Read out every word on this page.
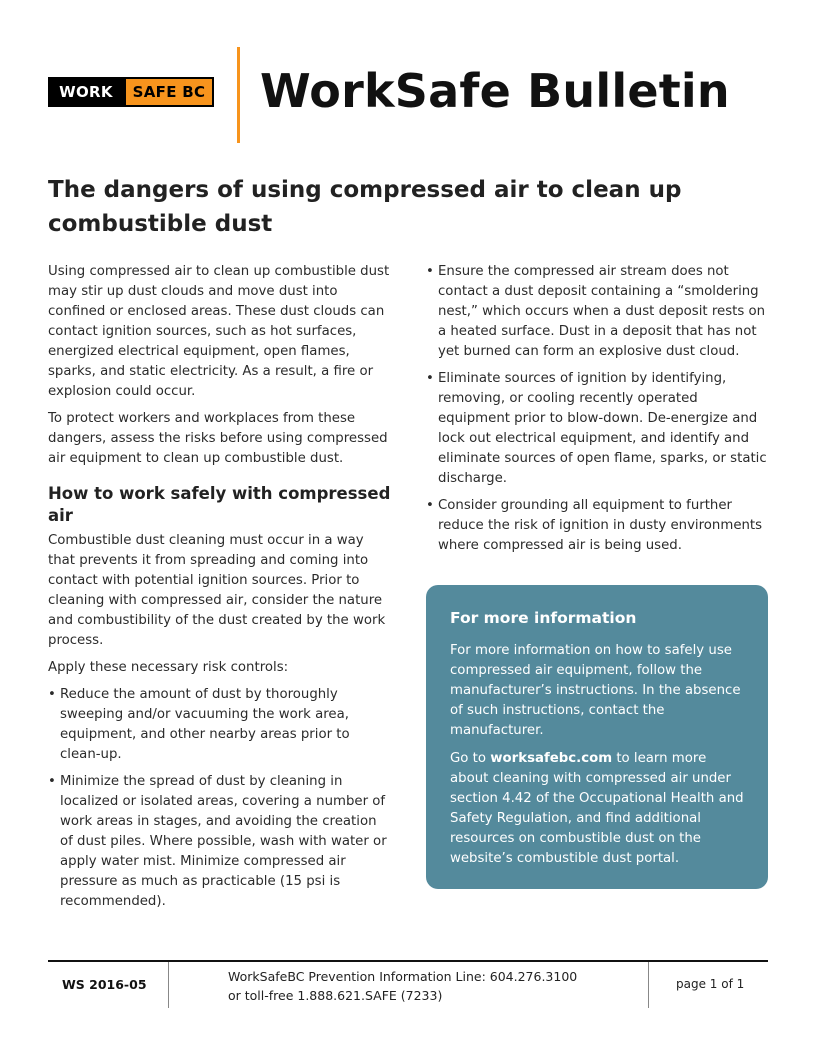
WORK	SAFE BC WorkSafe Bulletin
The dangers of using compressed air to clean up combustible dust

Using compressed air to clean up combustible dust may stir up dust clouds and move dust into confined or enclosed areas. These dust clouds can contact ignition sources, such as hot surfaces, energized electrical equipment, open flames, sparks, and static electricity. As a result, a fire or explosion could occur.

To protect workers and workplaces from these dangers, assess the risks before using compressed air equipment to clean up combustible dust.

How to work safely with compressed air

Combustible dust cleaning must occur in a way that prevents it from spreading and coming into contact with potential ignition sources. Prior to cleaning with compressed air, consider the nature and combustibility of the dust created by the work process.

Apply these necessary risk controls:

• Reduce the amount of dust by thoroughly sweeping and/or vacuuming the work area, equipment, and other nearby areas prior to clean-up.
• Minimize the spread of dust by cleaning in localized or isolated areas, covering a number of work areas in stages, and avoiding the creation of dust piles. Where possible, wash with water or apply water mist. Minimize compressed air pressure as much as practicable (15 psi is recommended).
• Ensure the compressed air stream does not contact a dust deposit containing a “smoldering nest,” which occurs when a dust deposit rests on a heated surface. Dust in a deposit that has not yet burned can form an explosive dust cloud.
• Eliminate sources of ignition by identifying, removing, or cooling recently operated equipment prior to blow-down. De-energize and lock out electrical equipment, and identify and eliminate sources of open flame, sparks, or static discharge.
• Consider grounding all equipment to further reduce the risk of ignition in dusty environments where compressed air is being used.
For more information

For more information on how to safely use compressed air equipment, follow the manufacturer’s instructions. In the absence of such instructions, contact the manufacturer.

Go to worksafebc.com to learn more about cleaning with compressed air under section 4.42 of the Occupational Health and Safety Regulation, and find additional resources on combustible dust on the website’s combustible dust portal.

WS 2016-05
WorkSafeBC Prevention Information Line: 604.276.3100
or toll-free 1.888.621.SAFE (7233)
page 1 of 1
